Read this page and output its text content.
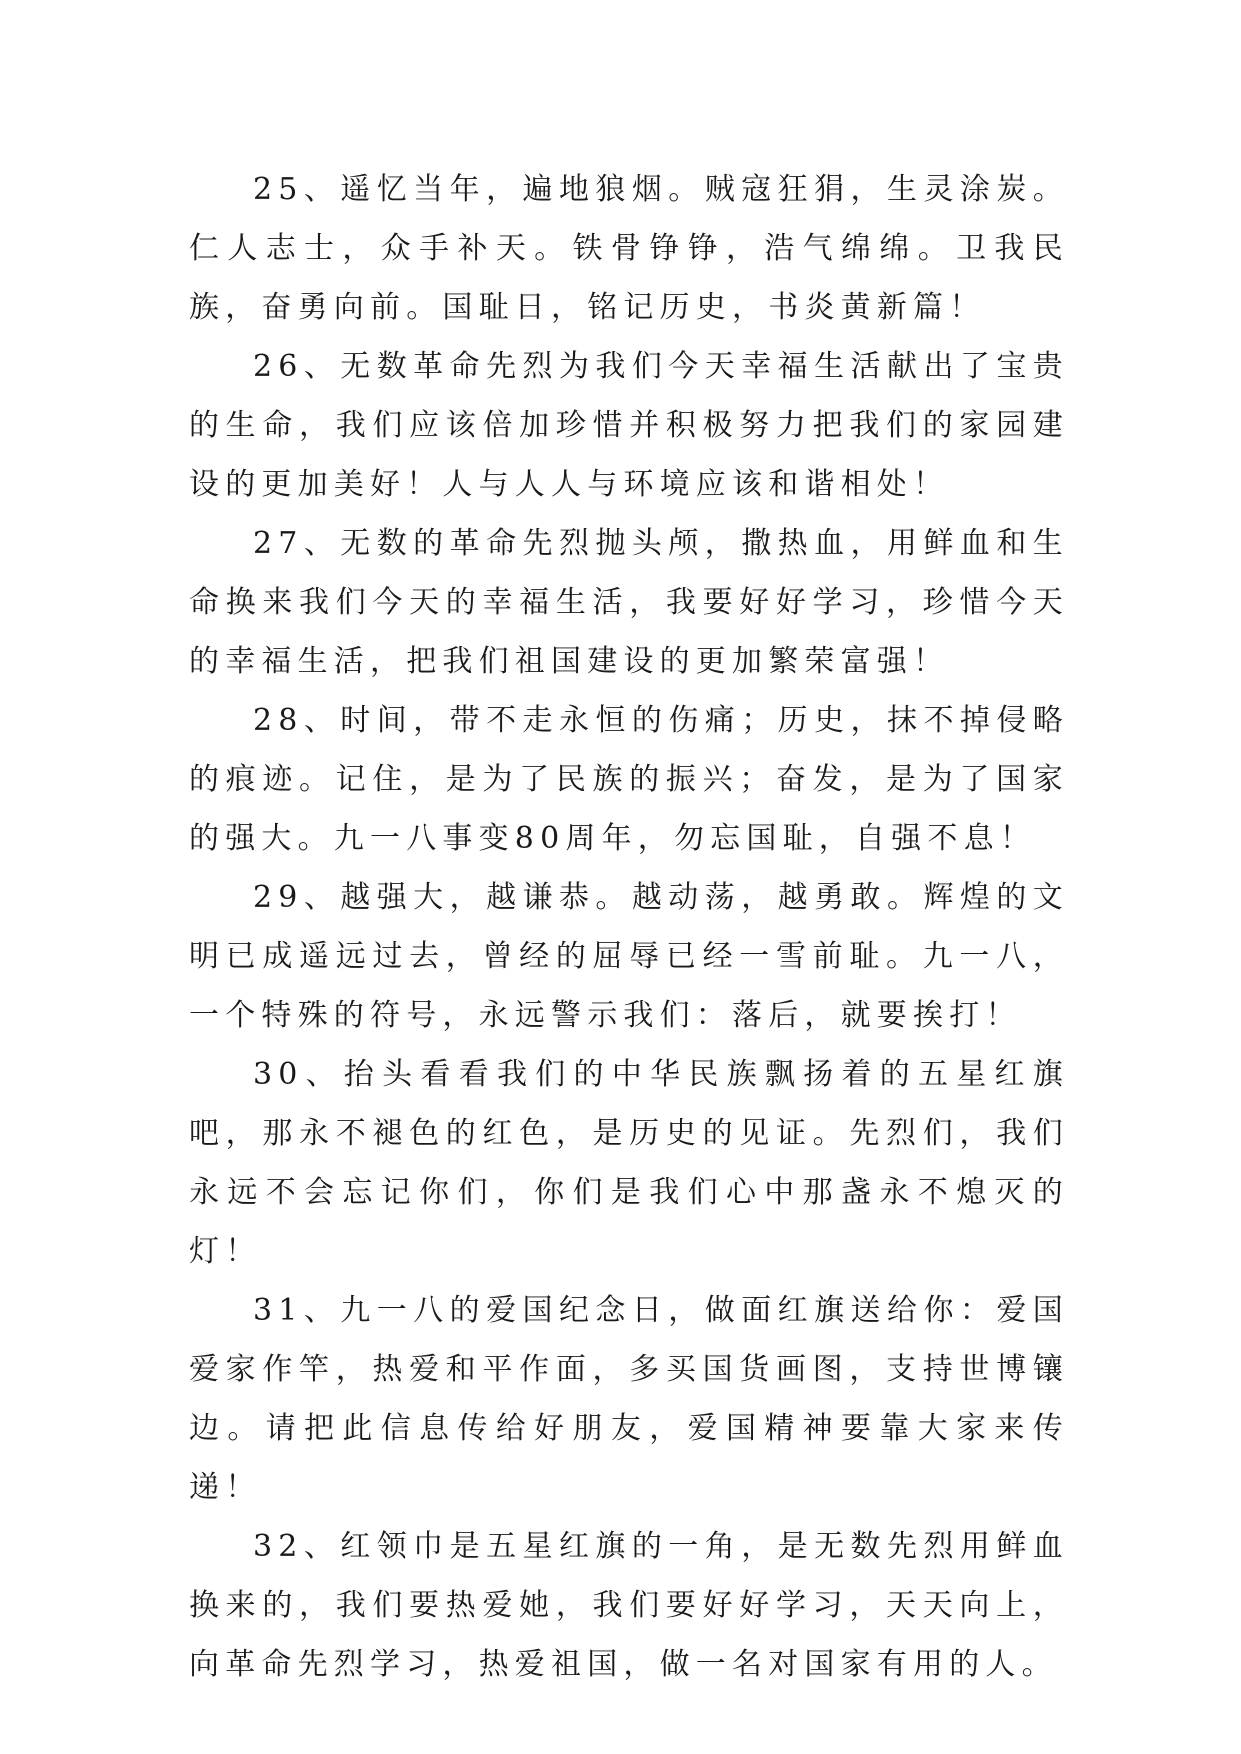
25、遥忆当年，遍地狼烟。贼寇狂狷，生灵涂炭。仁人志士，众手补天。铁骨铮铮，浩气绵绵。卫我民族，奋勇向前。国耻日，铭记历史，书炎黄新篇！

26、无数革命先烈为我们今天幸福生活献出了宝贵的生命，我们应该倍加珍惜并积极努力把我们的家园建设的更加美好！人与人人与环境应该和谐相处！

27、无数的革命先烈抛头颅，撒热血，用鲜血和生命换来我们今天的幸福生活，我要好好学习，珍惜今天的幸福生活，把我们祖国建设的更加繁荣富强！

28、时间，带不走永恒的伤痛；历史，抹不掉侵略的痕迹。记住，是为了民族的振兴；奋发，是为了国家的强大。九一八事变80周年，勿忘国耻，自强不息！

29、越强大，越谦恭。越动荡，越勇敢。辉煌的文明已成遥远过去，曾经的屈辱已经一雪前耻。九一八，一个特殊的符号，永远警示我们：落后，就要挨打！

30、抬头看看我们的中华民族飘扬着的五星红旗吧，那永不褪色的红色，是历史的见证。先烈们，我们永远不会忘记你们，你们是我们心中那盏永不熄灭的灯！

31、九一八的爱国纪念日，做面红旗送给你：爱国爱家作竿，热爱和平作面，多买国货画图，支持世博镶边。请把此信息传给好朋友，爱国精神要靠大家来传递！

32、红领巾是五星红旗的一角，是无数先烈用鲜血换来的，我们要热爱她，我们要好好学习，天天向上，向革命先烈学习，热爱祖国，做一名对国家有用的人。
